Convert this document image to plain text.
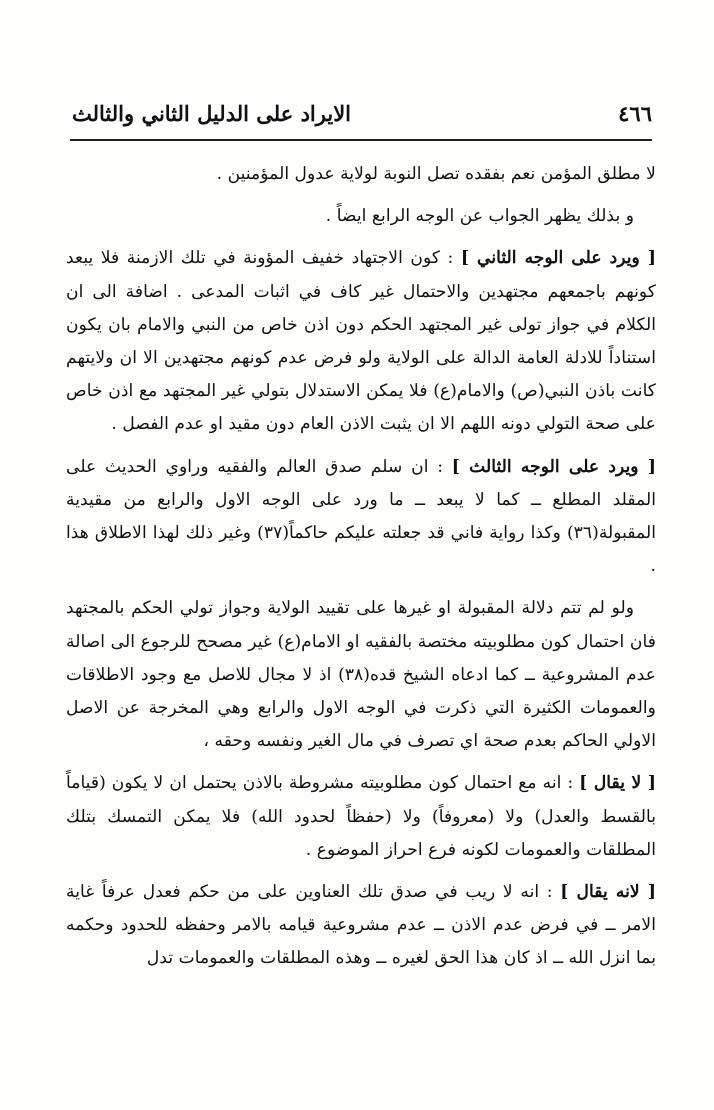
٤٦٦
الايراد على الدليل الثاني والثالث

لا مطلق المؤمن نعم بفقده تصل النوبة لولاية عدول المؤمنين .

و بذلك يظهر الجواب عن الوجه الرابع ايضاً .

[ ويرد على الوجه الثاني ] : كون الاجتهاد خفيف المؤونة في تلك الازمنة فلا يبعد كونهم باجمعهم مجتهدين والاحتمال غير كاف في اثبات المدعى . اضافة الى ان الكلام في جواز تولى غير المجتهد الحكم دون اذن خاص من النبي والامام بان يكون استناداً للادلة العامة الدالة على الولاية ولو فرض عدم كونهم مجتهدين الا ان ولايتهم كانت باذن النبي(ص) والامام(ع) فلا يمكن الاستدلال بتولي غير المجتهد مع اذن خاص على صحة التولي دونه اللهم الا ان يثبت الاذن العام دون مقيد او عدم الفصل .

[ ويرد على الوجه الثالث ] : ان سلم صدق العالم والفقيه وراوي الحديث على المقلد المطلع ــ كما لا يبعد ــ ما ورد على الوجه الاول والرابع من مقيدية المقبولة(٣٦) وكذا رواية فاني قد جعلته عليكم حاكماً(٣٧) وغير ذلك لهذا الاطلاق هذا .

ولو لم تتم دلالة المقبولة او غيرها على تقييد الولاية وجواز تولي الحكم بالمجتهد فان احتمال كون مطلوبيته مختصة بالفقيه او الامام(ع) غير مصحح للرجوع الى اصالة عدم المشروعية ــ كما ادعاه الشيخ قده(٣٨) اذ لا مجال للاصل مع وجود الاطلاقات والعمومات الكثيرة التي ذكرت في الوجه الاول والرابع وهي المخرجة عن الاصل الاولي الحاكم بعدم صحة اي تصرف في مال الغير ونفسه وحقه ،

[ لا يقال ] : انه مع احتمال كون مطلوبيته مشروطة بالاذن يحتمل ان لا يكون (قياماً بالقسط والعدل) ولا (معروفاً) ولا (حفظاً لحدود الله) فلا يمكن التمسك بتلك المطلقات والعمومات لكونه فرع احراز الموضوع .

[ لانه يقال ] : انه لا ريب في صدق تلك العناوين على من حكم فعدل عرفاً غاية الامر ــ في فرض عدم الاذن ــ عدم مشروعية قيامه بالامر وحفظه للحدود وحكمه بما انزل الله ــ اذ كان هذا الحق لغيره ــ وهذه المطلقات والعمومات تدل
